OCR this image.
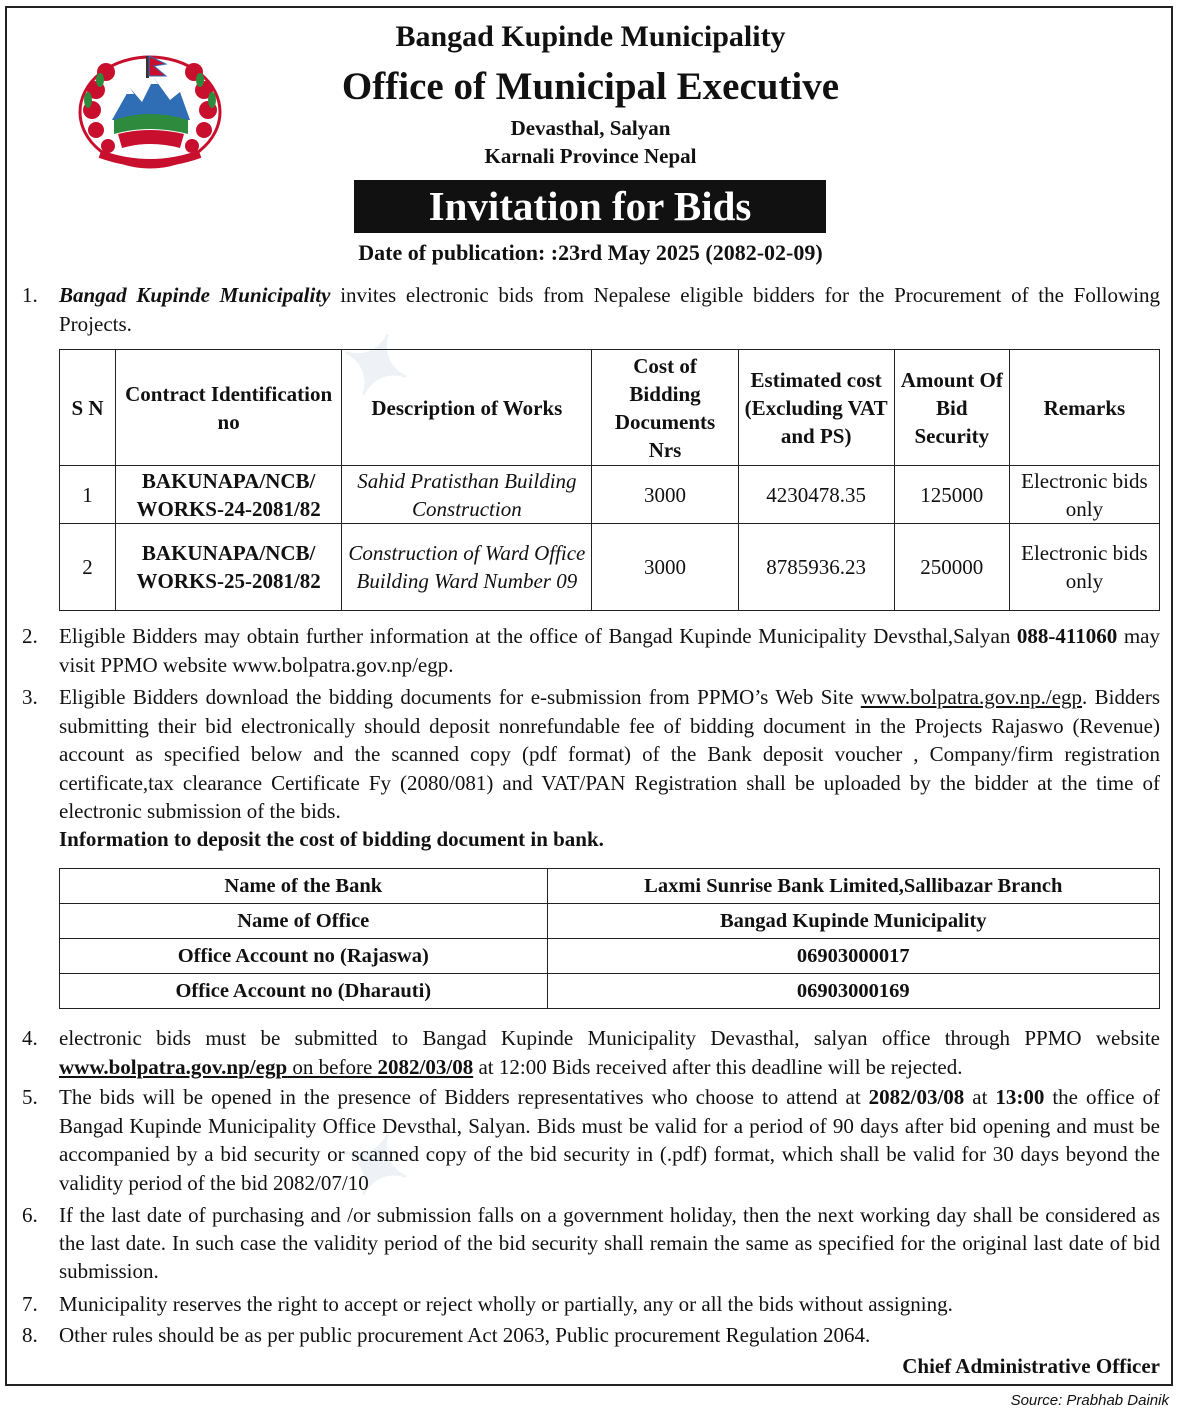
✦
✦
Bangad Kupinde Municipality
Office of Municipal Executive
Devasthal, Salyan
Karnali Province Nepal
Invitation for Bids
Date of publication: :23rd May 2025 (2082-02-09)
1. Bangad Kupinde Municipality invites electronic bids from Nepalese eligible bidders for the Procurement of the Following Projects.
S N	Contract Identification no	Description of Works	Cost of Bidding Documents Nrs	Estimated cost (Excluding VAT and PS)	Amount Of Bid Security	Remarks
1	BAKUNAPA/NCB/ WORKS-24-2081/82	Sahid Pratisthan Building Construction	3000	4230478.35	125000	Electronic bids only
2	BAKUNAPA/NCB/ WORKS-25-2081/82	Construction of Ward Office Building Ward Number 09	3000	8785936.23	250000	Electronic bids only
2. Eligible Bidders may obtain further information at the office of Bangad Kupinde Municipality Devsthal,Salyan 088-411060 may visit PPMO website www.bolpatra.gov.np/egp.
3. Eligible Bidders download the bidding documents for e-submission from PPMO’s Web Site www.bolpatra.gov.np./egp. Bidders submitting their bid electronically should deposit nonrefundable fee of bidding document in the Projects Rajaswo (Revenue) account as specified below and the scanned copy (pdf format) of the Bank deposit voucher , Company/firm registration certificate,tax clearance Certificate Fy (2080/081) and VAT/PAN Registration shall be uploaded by the bidder at the time of electronic submission of the bids.
Information to deposit the cost of bidding document in bank.
Name of the Bank	Laxmi Sunrise Bank Limited,Sallibazar Branch
Name of Office	Bangad Kupinde Municipality
Office Account no (Rajaswa)	06903000017
Office Account no (Dharauti)	06903000169
4. electronic bids must be submitted to Bangad Kupinde Municipality Devasthal, salyan office through PPMO website www.bolpatra.gov.np/egp on before 2082/03/08 at 12:00 Bids received after this deadline will be rejected.
5. The bids will be opened in the presence of Bidders representatives who choose to attend at 2082/03/08 at 13:00 the office of Bangad Kupinde Municipality Office Devsthal, Salyan. Bids must be valid for a period of 90 days after bid opening and must be accompanied by a bid security or scanned copy of the bid security in (.pdf) format, which shall be valid for 30 days beyond the validity period of the bid 2082/07/10
6. If the last date of purchasing and /or submission falls on a government holiday, then the next working day shall be considered as the last date. In such case the validity period of the bid security shall remain the same as specified for the original last date of bid submission.
7. Municipality reserves the right to accept or reject wholly or partially, any or all the bids without assigning.
8. Other rules should be as per public procurement Act 2063, Public procurement Regulation 2064.
Chief Administrative Officer
Source: Prabhab Dainik
